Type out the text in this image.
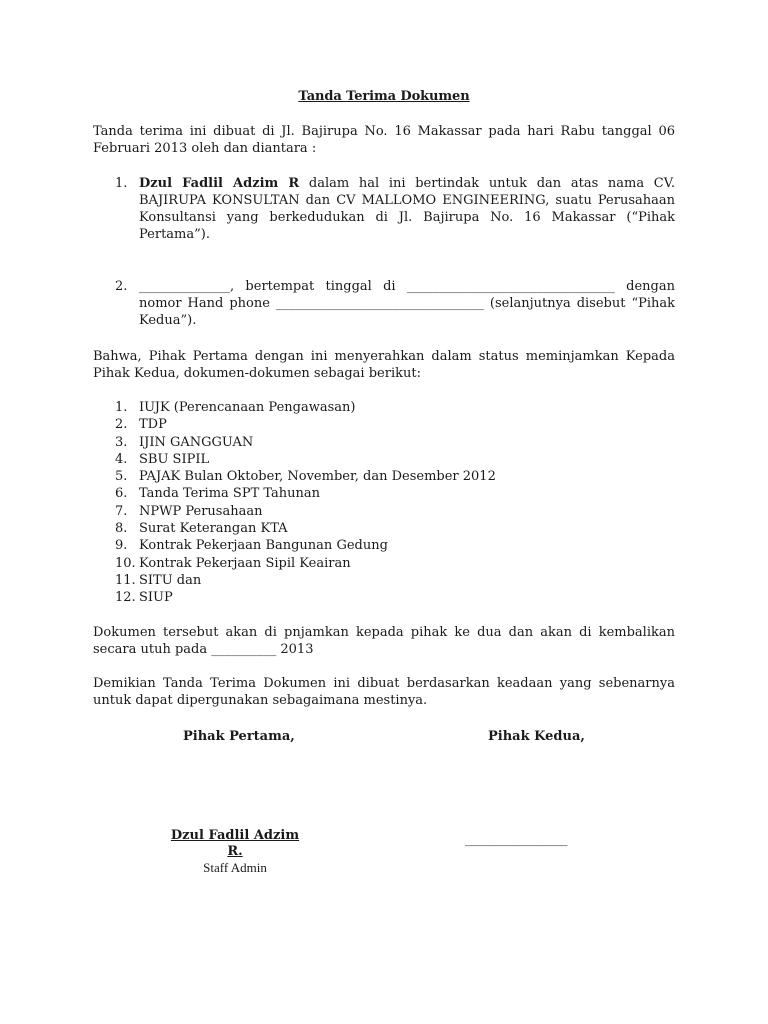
Tanda Terima Dokumen
Tanda terima ini dibuat di Jl. Bajirupa No. 16 Makassar pada hari Rabu tanggal 06 Februari 2013 oleh dan diantara :
1. Dzul Fadlil Adzim R dalam hal ini bertindak untuk dan atas nama CV. BAJIRUPA KONSULTAN dan CV MALLOMO ENGINEERING, suatu Perusahaan Konsultansi yang berkedudukan di Jl. Bajirupa No. 16 Makassar (“Pihak Pertama”).
2. ______________, bertempat tinggal di ________________________________ dengan nomor Hand phone ________________________________ (selanjutnya disebut “Pihak Kedua”).
Bahwa, Pihak Pertama dengan ini menyerahkan dalam status meminjamkan Kepada Pihak Kedua, dokumen-dokumen sebagai berikut:
1. IUJK (Perencanaan Pengawasan)
2. TDP
3. IJIN GANGGUAN
4. SBU SIPIL
5. PAJAK Bulan Oktober, November, dan Desember 2012
6. Tanda Terima SPT Tahunan
7. NPWP Perusahaan
8. Surat Keterangan KTA
9. Kontrak Pekerjaan Bangunan Gedung
10. Kontrak Pekerjaan Sipil Keairan
11. SITU dan
12. SIUP
Dokumen tersebut akan di pnjamkan kepada pihak ke dua dan akan di kembalikan secara utuh pada __________ 2013
Demikian Tanda Terima Dokumen ini dibuat berdasarkan keadaan yang sebenarnya untuk dapat dipergunakan sebagaimana mestinya.
Pihak Pertama,	Pihak Kedua,
Dzul Fadlil Adzim R.
Staff Admin
_________________
